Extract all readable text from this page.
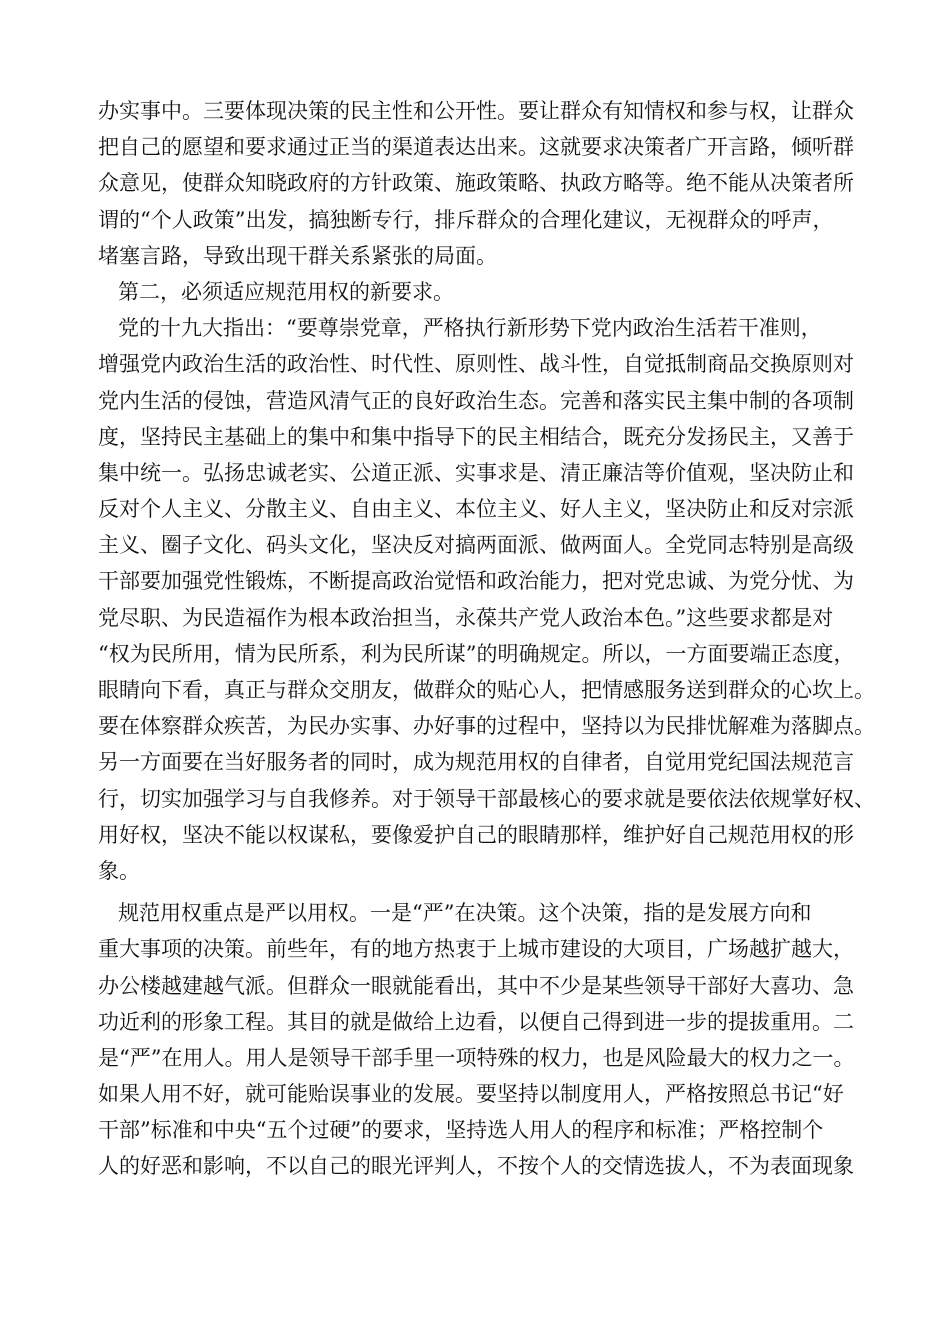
办实事中。三要体现决策的民主性和公开性。要让群众有知情权和参与权，让群众
把自己的愿望和要求通过正当的渠道表达出来。这就要求决策者广开言路，倾听群
众意见，使群众知晓政府的方针政策、施政策略、执政方略等。绝不能从决策者所
谓的“个人政策”出发，搞独断专行，排斥群众的合理化建议，无视群众的呼声，
堵塞言路，导致出现干群关系紧张的局面。
第二，必须适应规范用权的新要求。
党的十九大指出：“要尊崇党章，严格执行新形势下党内政治生活若干准则，
增强党内政治生活的政治性、时代性、原则性、战斗性，自觉抵制商品交换原则对
党内生活的侵蚀，营造风清气正的良好政治生态。完善和落实民主集中制的各项制
度，坚持民主基础上的集中和集中指导下的民主相结合，既充分发扬民主，又善于
集中统一。弘扬忠诚老实、公道正派、实事求是、清正廉洁等价值观，坚决防止和
反对个人主义、分散主义、自由主义、本位主义、好人主义，坚决防止和反对宗派
主义、圈子文化、码头文化，坚决反对搞两面派、做两面人。全党同志特别是高级
干部要加强党性锻炼，不断提高政治觉悟和政治能力，把对党忠诚、为党分忧、为
党尽职、为民造福作为根本政治担当，永葆共产党人政治本色。”这些要求都是对
“权为民所用，情为民所系，利为民所谋”的明确规定。所以，一方面要端正态度，
眼睛向下看，真正与群众交朋友，做群众的贴心人，把情感服务送到群众的心坎上。
要在体察群众疾苦，为民办实事、办好事的过程中，坚持以为民排忧解难为落脚点。
另一方面要在当好服务者的同时，成为规范用权的自律者，自觉用党纪国法规范言
行，切实加强学习与自我修养。对于领导干部最核心的要求就是要依法依规掌好权、
用好权，坚决不能以权谋私，要像爱护自己的眼睛那样，维护好自己规范用权的形
象。
规范用权重点是严以用权。一是“严”在决策。这个决策，指的是发展方向和
重大事项的决策。前些年，有的地方热衷于上城市建设的大项目，广场越扩越大，
办公楼越建越气派。但群众一眼就能看出，其中不少是某些领导干部好大喜功、急
功近利的形象工程。其目的就是做给上边看，以便自己得到进一步的提拔重用。二
是“严”在用人。用人是领导干部手里一项特殊的权力，也是风险最大的权力之一。
如果人用不好，就可能贻误事业的发展。要坚持以制度用人，严格按照总书记“好
干部”标准和中央“五个过硬”的要求，坚持选人用人的程序和标准；严格控制个
人的好恶和影响，不以自己的眼光评判人，不按个人的交情选拔人，不为表面现象
